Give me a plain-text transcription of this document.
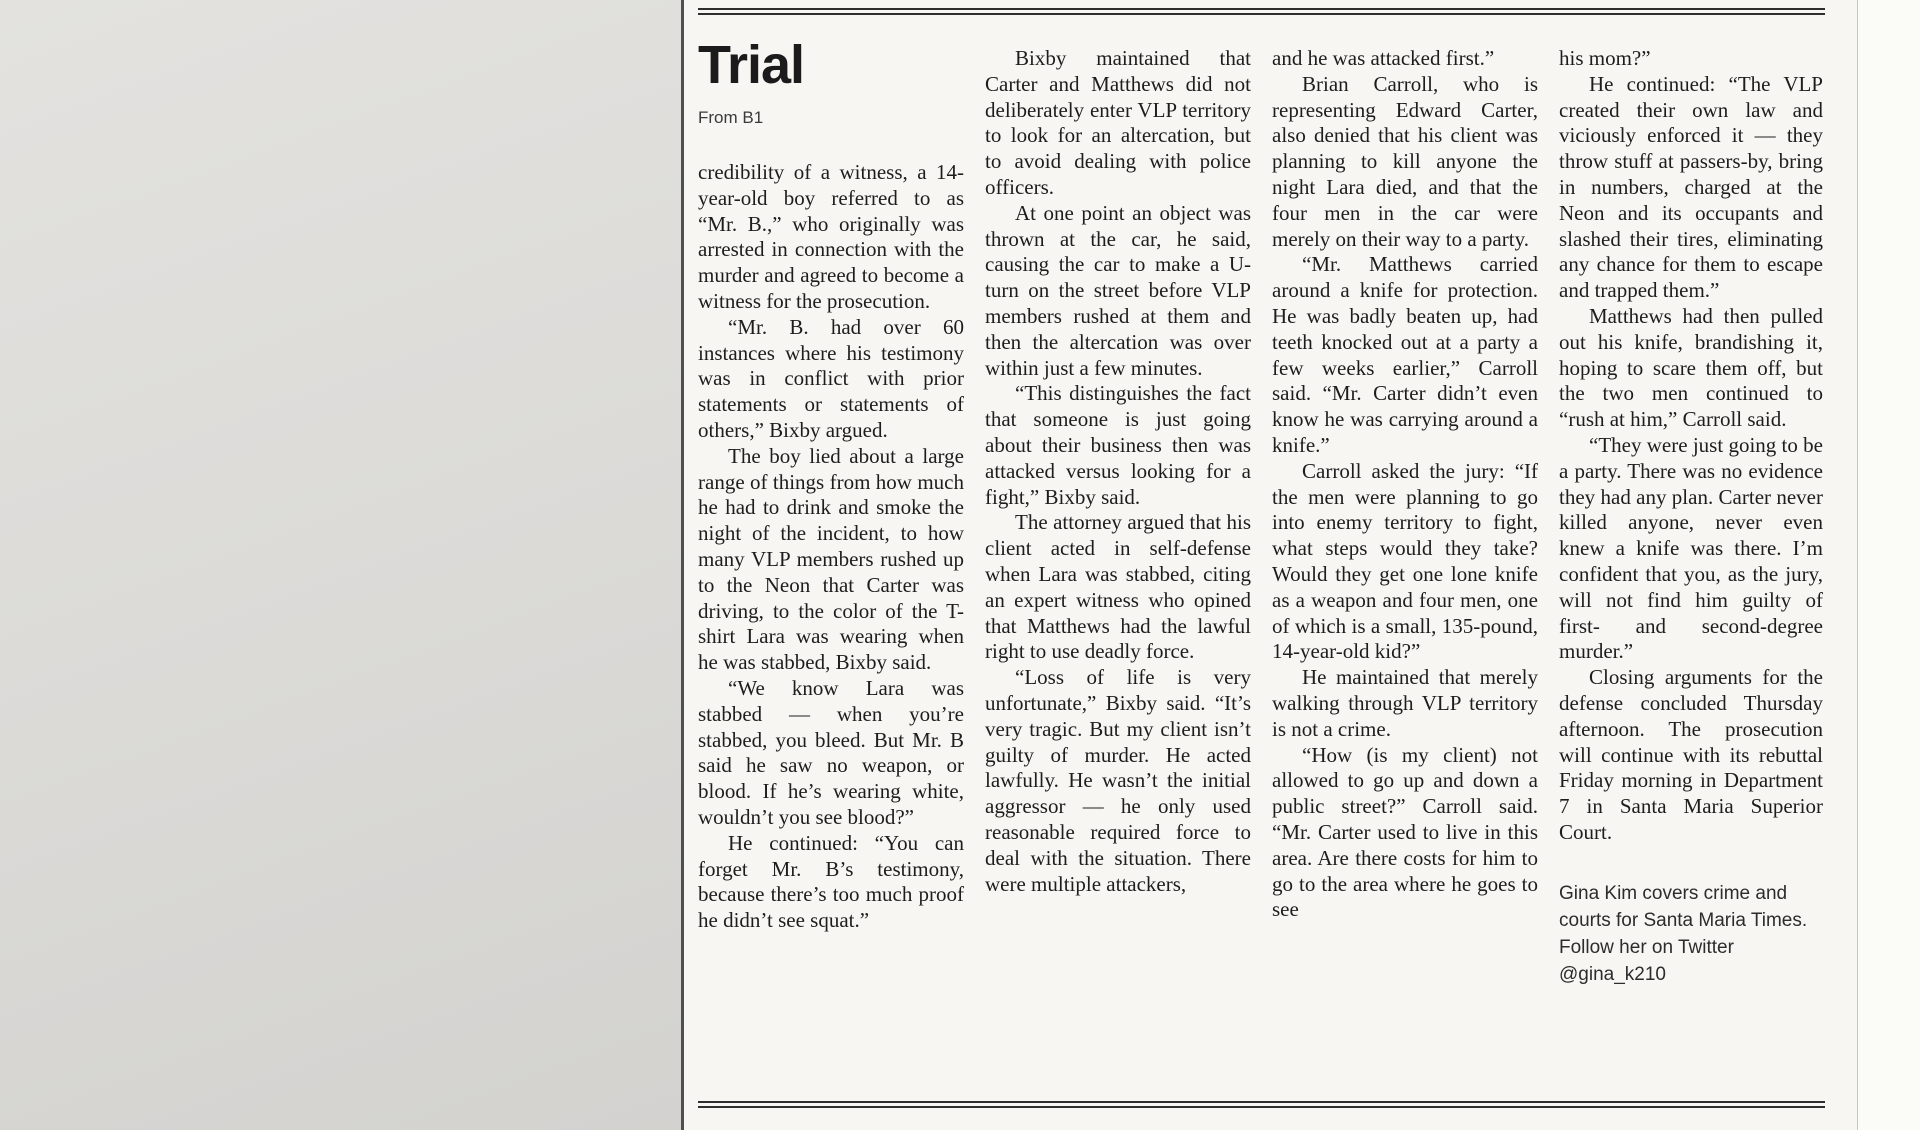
Trial
From B1

credibility of a witness, a 14-year-old boy referred to as “Mr. B.,” who originally was arrested in connection with the murder and agreed to become a witness for the prosecution.

“Mr. B. had over 60 instances where his testimony was in conflict with prior statements or statements of others,” Bixby argued.

The boy lied about a large range of things from how much he had to drink and smoke the night of the incident, to how many VLP members rushed up to the Neon that Carter was driving, to the color of the T-shirt Lara was wearing when he was stabbed, Bixby said.

“We know Lara was stabbed — when you’re stabbed, you bleed. But Mr. B said he saw no weapon, or blood. If he’s wearing white, wouldn’t you see blood?”

He continued: “You can forget Mr. B’s testimony, because there’s too much proof he didn’t see squat.”

Bixby maintained that Carter and Matthews did not deliberately enter VLP territory to look for an altercation, but to avoid dealing with police officers.

At one point an object was thrown at the car, he said, causing the car to make a U-turn on the street before VLP members rushed at them and then the altercation was over within just a few minutes.

“This distinguishes the fact that someone is just going about their business then was attacked versus looking for a fight,” Bixby said.

The attorney argued that his client acted in self-defense when Lara was stabbed, citing an expert witness who opined that Matthews had the lawful right to use deadly force.

“Loss of life is very unfortunate,” Bixby said. “It’s very tragic. But my client isn’t guilty of murder. He acted lawfully. He wasn’t the initial aggressor — he only used reasonable required force to deal with the situation. There were multiple attackers,

and he was attacked first.”

Brian Carroll, who is representing Edward Carter, also denied that his client was planning to kill anyone the night Lara died, and that the four men in the car were merely on their way to a party.

“Mr. Matthews carried around a knife for protection. He was badly beaten up, had teeth knocked out at a party a few weeks earlier,” Carroll said. “Mr. Carter didn’t even know he was carrying around a knife.”

Carroll asked the jury: “If the men were planning to go into enemy territory to fight, what steps would they take? Would they get one lone knife as a weapon and four men, one of which is a small, 135-pound, 14-year-old kid?”

He maintained that merely walking through VLP territory is not a crime.

“How (is my client) not allowed to go up and down a public street?” Carroll said. “Mr. Carter used to live in this area. Are there costs for him to go to the area where he goes to see

his mom?”

He continued: “The VLP created their own law and viciously enforced it — they throw stuff at passers-by, bring in numbers, charged at the Neon and its occupants and slashed their tires, eliminating any chance for them to escape and trapped them.”

Matthews had then pulled out his knife, brandishing it, hoping to scare them off, but the two men continued to “rush at him,” Carroll said.

“They were just going to be a party. There was no evidence they had any plan. Carter never killed anyone, never even knew a knife was there. I’m confident that you, as the jury, will not find him guilty of first- and second-degree murder.”

Closing arguments for the defense concluded Thursday afternoon. The prosecution will continue with its rebuttal Friday morning in Department 7 in Santa Maria Superior Court.

Gina Kim covers crime and courts for Santa Maria Times. Follow her on Twitter @gina_k210
